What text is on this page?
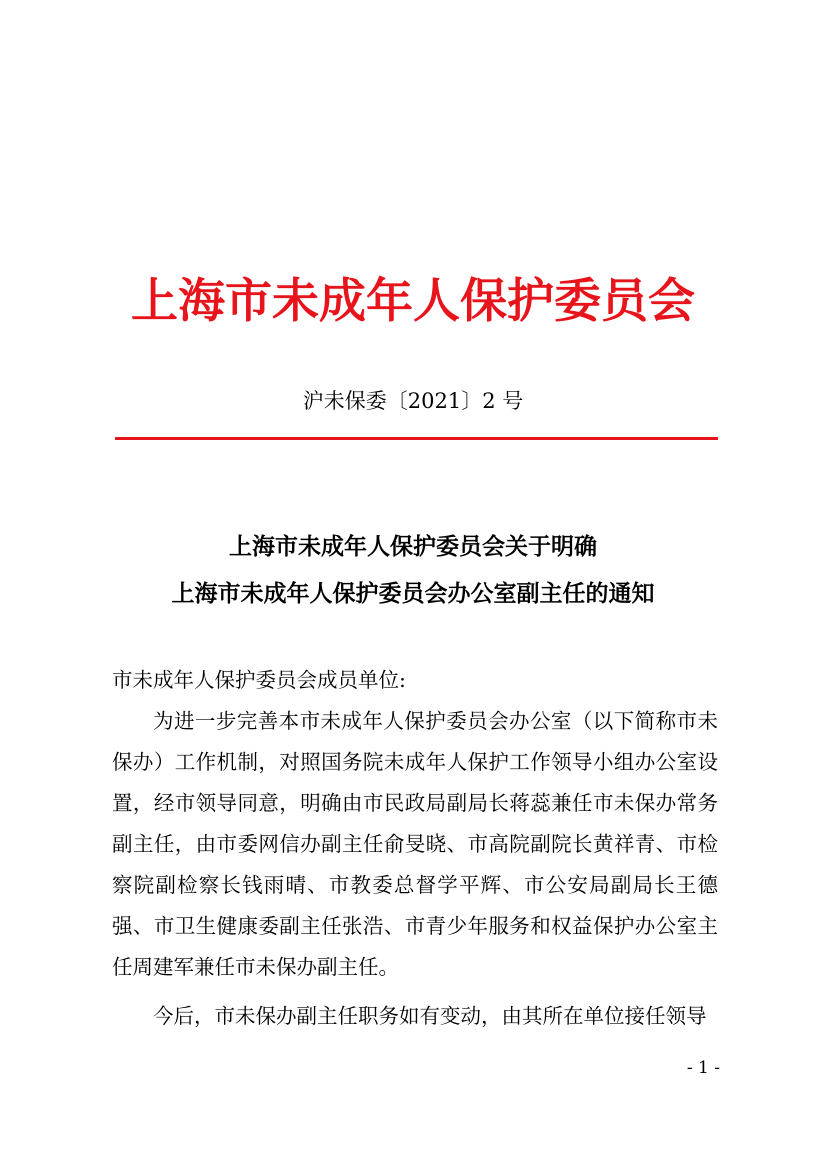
上海市未成年人保护委员会
沪未保委〔2021〕2 号
上海市未成年人保护委员会关于明确
上海市未成年人保护委员会办公室副主任的通知
市未成年人保护委员会成员单位:
为进一步完善本市未成年人保护委员会办公室（以下简称市未保办）工作机制，对照国务院未成年人保护工作领导小组办公室设置，经市领导同意，明确由市民政局副局长蒋蕊兼任市未保办常务副主任，由市委网信办副主任俞旻晓、市高院副院长黄祥青、市检察院副检察长钱雨晴、市教委总督学平辉、市公安局副局长王德强、市卫生健康委副主任张浩、市青少年服务和权益保护办公室主任周建军兼任市未保办副主任。
今后，市未保办副主任职务如有变动，由其所在单位接任领导
- 1 -
